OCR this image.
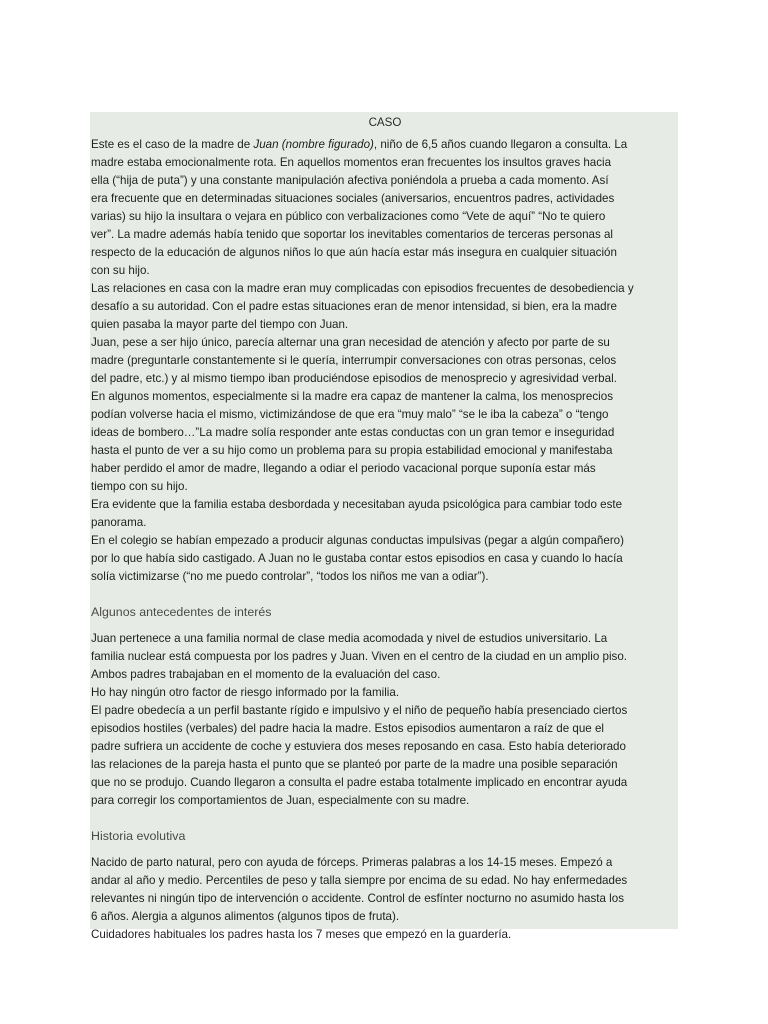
CASO
Este es el caso de la madre de Juan (nombre figurado), niño de 6,5 años cuando llegaron a consulta. La
madre estaba emocionalmente rota. En aquellos momentos eran frecuentes los insultos graves hacia
ella (“hija de puta”) y una constante manipulación afectiva poniéndola a prueba a cada momento. Así
era frecuente que en determinadas situaciones sociales (aniversarios, encuentros padres, actividades
varias) su hijo la insultara o vejara en público con verbalizaciones como “Vete de aquí” “No te quiero
ver”. La madre además había tenido que soportar los inevitables comentarios de terceras personas al
respecto de la educación de algunos niños lo que aún hacía estar más insegura en cualquier situación
con su hijo.
Las relaciones en casa con la madre eran muy complicadas con episodios frecuentes de desobediencia y
desafío a su autoridad. Con el padre estas situaciones eran de menor intensidad, si bien, era la madre
quien pasaba la mayor parte del tiempo con Juan.
Juan, pese a ser hijo único, parecía alternar una gran necesidad de atención y afecto por parte de su
madre (preguntarle constantemente si le quería, interrumpir conversaciones con otras personas, celos
del padre, etc.) y al mismo tiempo iban produciéndose episodios de menosprecio y agresividad verbal.
En algunos momentos, especialmente si la madre era capaz de mantener la calma, los menosprecios
podían volverse hacia el mismo, victimizándose de que era “muy malo” “se le iba la cabeza” o “tengo
ideas de bombero…”La madre solía responder ante estas conductas con un gran temor e inseguridad
hasta el punto de ver a su hijo como un problema para su propia estabilidad emocional y manifestaba
haber perdido el amor de madre, llegando a odiar el periodo vacacional porque suponía estar más
tiempo con su hijo.
Era evidente que la familia estaba desbordada y necesitaban ayuda psicológica para cambiar todo este
panorama.
En el colegio se habían empezado a producir algunas conductas impulsivas (pegar a algún compañero)
por lo que había sido castigado. A Juan no le gustaba contar estos episodios en casa y cuando lo hacía
solía victimizarse (“no me puedo controlar”, “todos los niños me van a odiar”).
Algunos antecedentes de interés
Juan pertenece a una familia normal de clase media acomodada y nivel de estudios universitario. La
familia nuclear está compuesta por los padres y Juan. Viven en el centro de la ciudad en un amplio piso.
Ambos padres trabajaban en el momento de la evaluación del caso.
Ho hay ningún otro factor de riesgo informado por la familia.
El padre obedecía a un perfil bastante rígido e impulsivo y el niño de pequeño había presenciado ciertos
episodios hostiles (verbales) del padre hacia la madre. Estos episodios aumentaron a raíz de que el
padre sufriera un accidente de coche y estuviera dos meses reposando en casa. Esto había deteriorado
las relaciones de la pareja hasta el punto que se planteó por parte de la madre una posible separación
que no se produjo. Cuando llegaron a consulta el padre estaba totalmente implicado en encontrar ayuda
para corregir los comportamientos de Juan, especialmente con su madre.
Historia evolutiva
Nacido de parto natural, pero con ayuda de fórceps. Primeras palabras a los 14-15 meses. Empezó a
andar al año y medio. Percentiles de peso y talla siempre por encima de su edad. No hay enfermedades
relevantes ni ningún tipo de intervención o accidente. Control de esfínter nocturno no asumido hasta los
6 años. Alergia a algunos alimentos (algunos tipos de fruta).
Cuidadores habituales los padres hasta los 7 meses que empezó en la guardería.
